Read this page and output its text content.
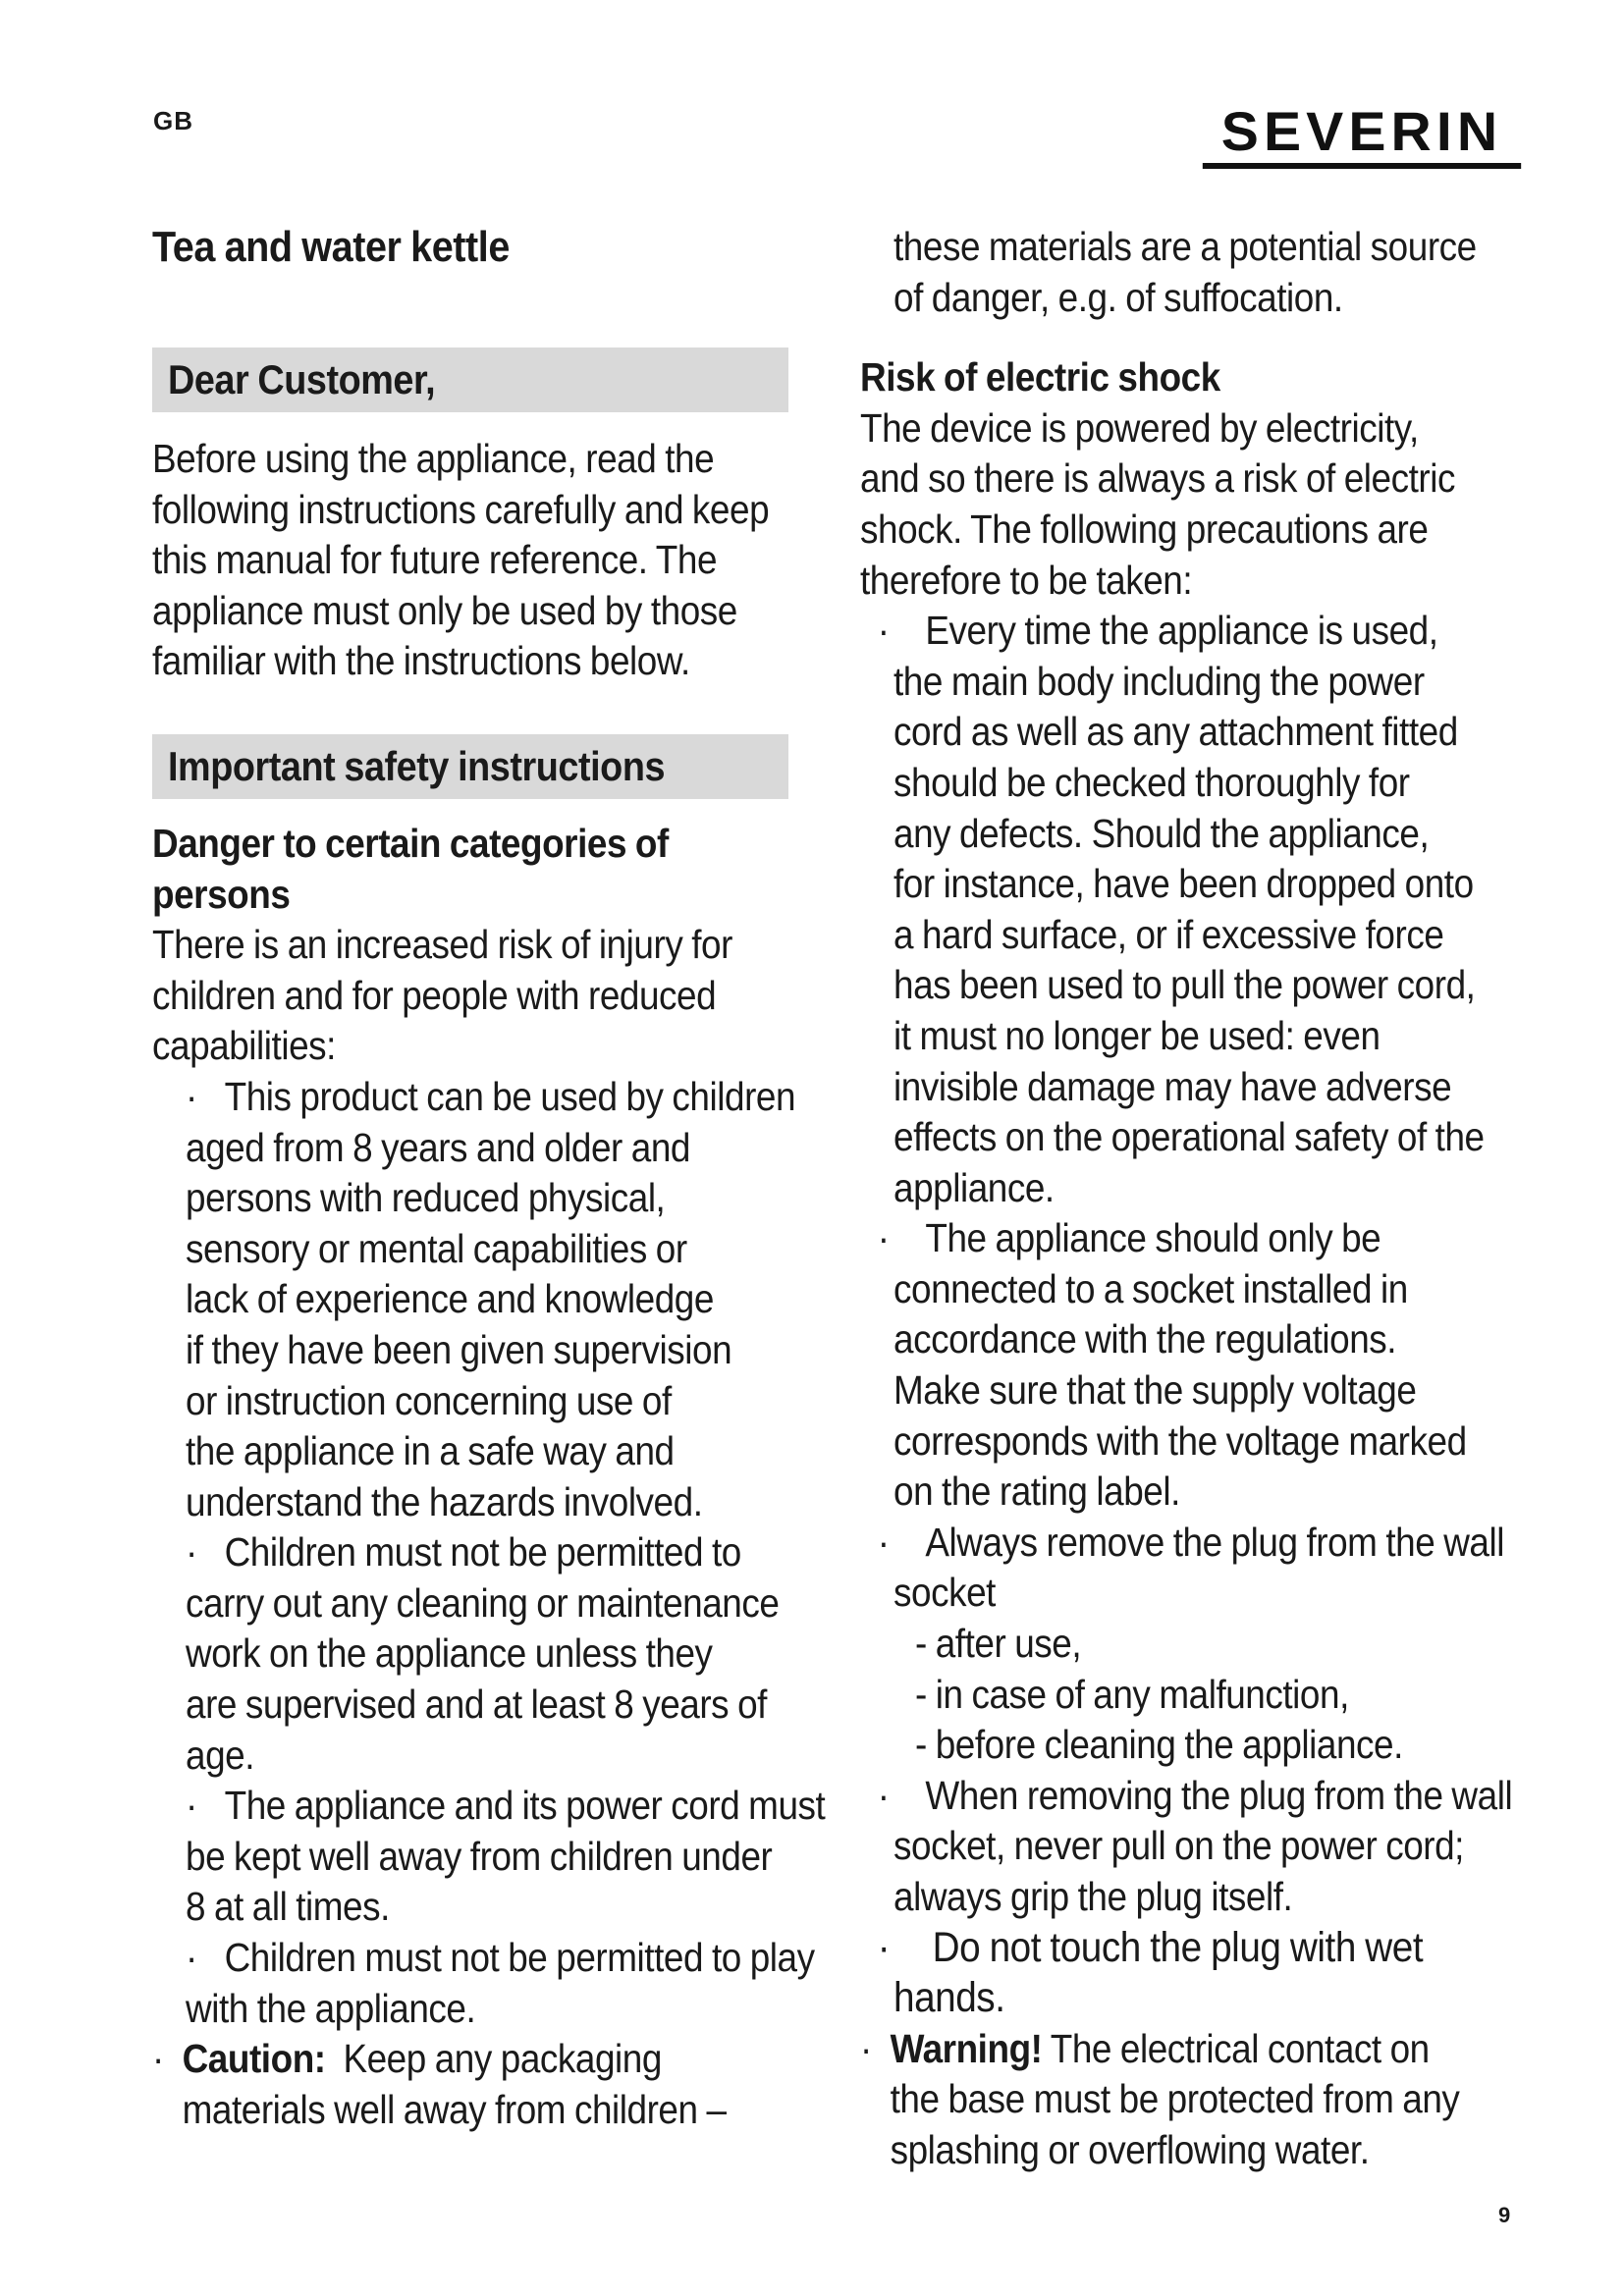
GB	SEVERIN
Tea and water kettle
Dear Customer,
Before using the appliance, read the
following instructions carefully and keep
this manual for future reference. The
appliance must only be used by those
familiar with the instructions below.
Important safety instructions
Danger to certain categories of
persons
There is an increased risk of injury for
children and for people with reduced
capabilities:
· This product can be used by children
aged from 8 years and older and
persons with reduced physical,
sensory or mental capabilities or
lack of experience and knowledge
if they have been given supervision
or instruction concerning use of
the appliance in a safe way and
understand the hazards involved.
· Children must not be permitted to
carry out any cleaning or maintenance
work on the appliance unless they
are supervised and at least 8 years of
age.
· The appliance and its power cord must
be kept well away from children under
8 at all times.
· Children must not be permitted to play
with the appliance.
· Caution: Keep any packaging
materials well away from children –
these materials are a potential source
of danger, e.g. of suffocation.
Risk of electric shock
The device is powered by electricity,
and so there is always a risk of electric
shock. The following precautions are
therefore to be taken:
· Every time the appliance is used,
the main body including the power
cord as well as any attachment fitted
should be checked thoroughly for
any defects. Should the appliance,
for instance, have been dropped onto
a hard surface, or if excessive force
has been used to pull the power cord,
it must no longer be used: even
invisible damage may have adverse
effects on the operational safety of the
appliance.
· The appliance should only be
connected to a socket installed in
accordance with the regulations.
Make sure that the supply voltage
corresponds with the voltage marked
on the rating label.
· Always remove the plug from the wall
socket
- after use,
- in case of any malfunction,
- before cleaning the appliance.
· When removing the plug from the wall
socket, never pull on the power cord;
always grip the plug itself.
· Do not touch the plug with wet
hands.
· Warning! The electrical contact on
the base must be protected from any
splashing or overflowing water.
9
